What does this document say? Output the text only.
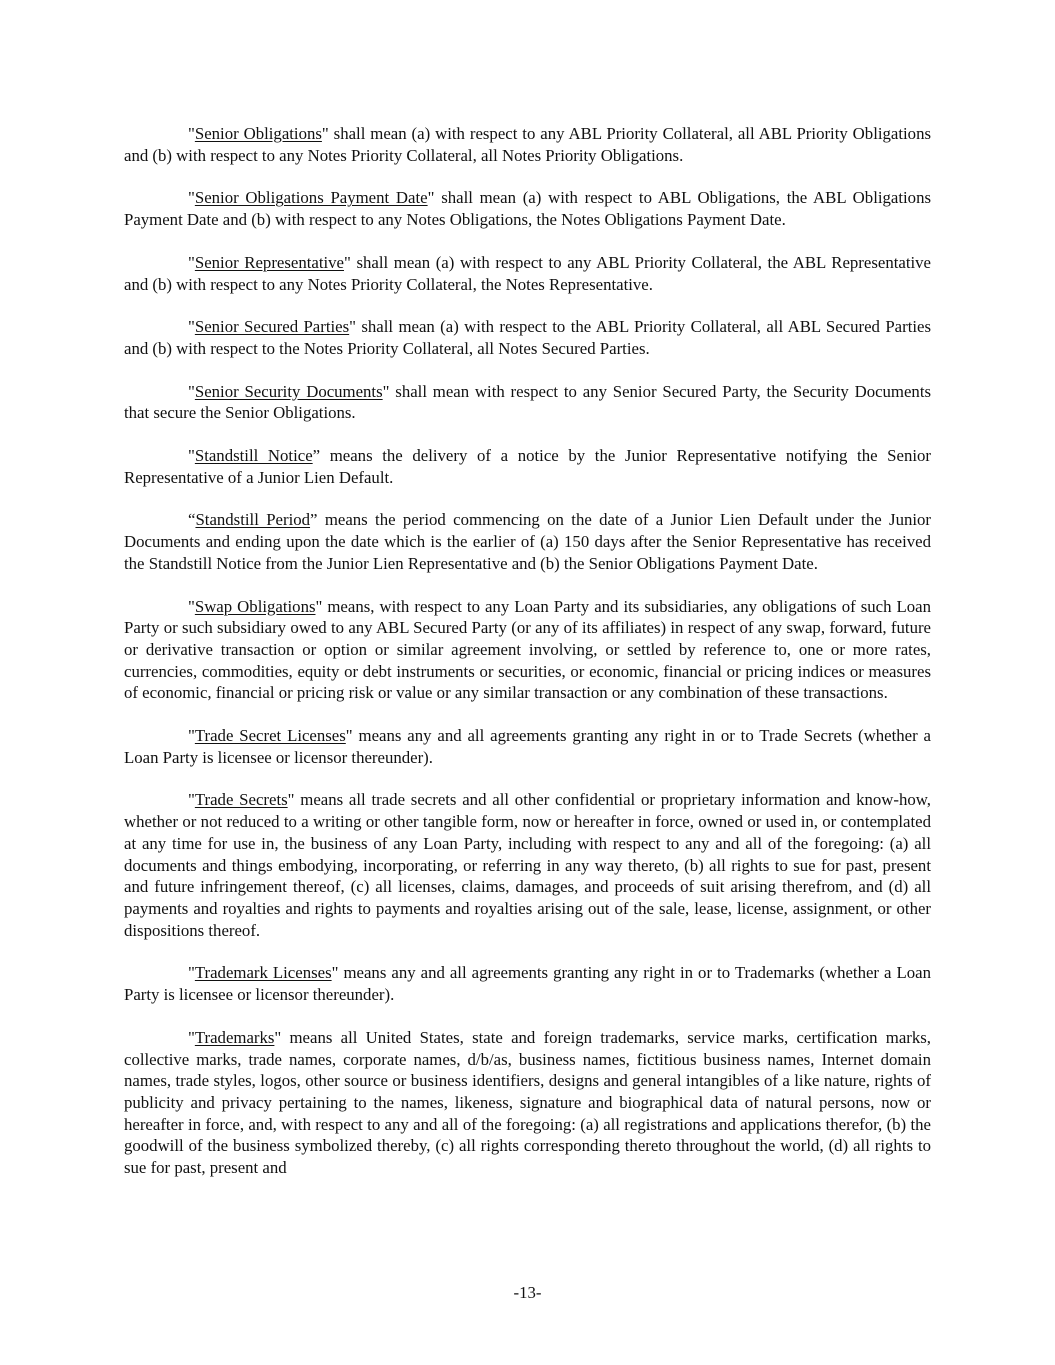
"Senior Obligations" shall mean (a) with respect to any ABL Priority Collateral, all ABL Priority Obligations and (b) with respect to any Notes Priority Collateral, all Notes Priority Obligations.

"Senior Obligations Payment Date" shall mean (a) with respect to ABL Obligations, the ABL Obligations Payment Date and (b) with respect to any Notes Obligations, the Notes Obligations Payment Date.

"Senior Representative" shall mean (a) with respect to any ABL Priority Collateral, the ABL Representative and (b) with respect to any Notes Priority Collateral, the Notes Representative.

"Senior Secured Parties" shall mean (a) with respect to the ABL Priority Collateral, all ABL Secured Parties and (b) with respect to the Notes Priority Collateral, all Notes Secured Parties.

"Senior Security Documents" shall mean with respect to any Senior Secured Party, the Security Documents that secure the Senior Obligations.

"Standstill Notice” means the delivery of a notice by the Junior Representative notifying the Senior Representative of a Junior Lien Default.

“Standstill Period” means the period commencing on the date of a Junior Lien Default under the Junior Documents and ending upon the date which is the earlier of (a) 150 days after the Senior Representative has received the Standstill Notice from the Junior Lien Representative and (b) the Senior Obligations Payment Date.

"Swap Obligations" means, with respect to any Loan Party and its subsidiaries, any obligations of such Loan Party or such subsidiary owed to any ABL Secured Party (or any of its affiliates) in respect of any swap, forward, future or derivative transaction or option or similar agreement involving, or settled by reference to, one or more rates, currencies, commodities, equity or debt instruments or securities, or economic, financial or pricing indices or measures of economic, financial or pricing risk or value or any similar transaction or any combination of these transactions.

"Trade Secret Licenses" means any and all agreements granting any right in or to Trade Secrets (whether a Loan Party is licensee or licensor thereunder).

"Trade Secrets" means all trade secrets and all other confidential or proprietary information and know-how, whether or not reduced to a writing or other tangible form, now or hereafter in force, owned or used in, or contemplated at any time for use in, the business of any Loan Party, including with respect to any and all of the foregoing: (a) all documents and things embodying, incorporating, or referring in any way thereto, (b) all rights to sue for past, present and future infringement thereof, (c) all licenses, claims, damages, and proceeds of suit arising therefrom, and (d) all payments and royalties and rights to payments and royalties arising out of the sale, lease, license, assignment, or other dispositions thereof.

"Trademark Licenses" means any and all agreements granting any right in or to Trademarks (whether a Loan Party is licensee or licensor thereunder).

"Trademarks" means all United States, state and foreign trademarks, service marks, certification marks, collective marks, trade names, corporate names, d/b/as, business names, fictitious business names, Internet domain names, trade styles, logos, other source or business identifiers, designs and general intangibles of a like nature, rights of publicity and privacy pertaining to the names, likeness, signature and biographical data of natural persons, now or hereafter in force, and, with respect to any and all of the foregoing: (a) all registrations and applications therefor, (b) the goodwill of the business symbolized thereby, (c) all rights corresponding thereto throughout the world, (d) all rights to sue for past, present and

-13-
